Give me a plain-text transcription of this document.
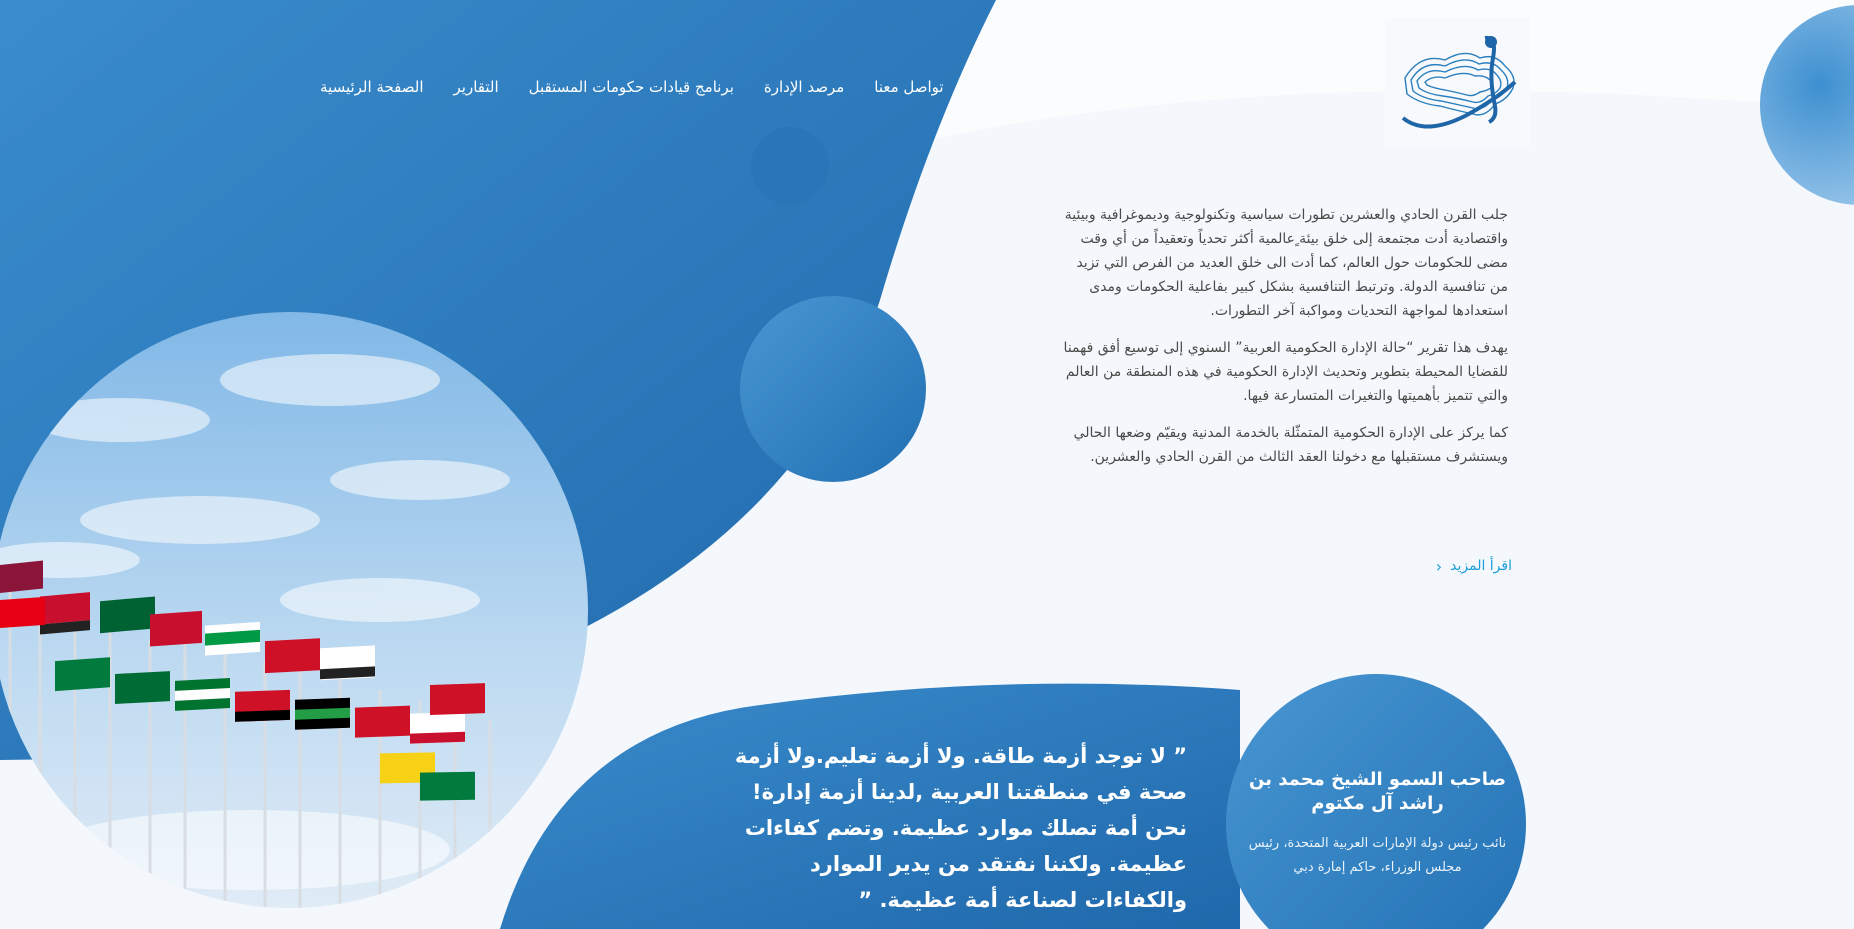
الصفحة الرئيسية التقارير برنامج قيادات حكومات المستقبل مرصد الإدارة تواصل معنا

جلب القرن الحادي والعشرين تطورات سياسية وتكنولوجية وديموغرافية وبيئية واقتصادية أدت مجتمعة إلى خلق بيئة ٍعالمية أكثر تحدياً وتعقيداً من أي وقت مضى للحكومات حول العالم، كما أدت الى خلق العديد من الفرص التي تزيد من تنافسية الدولة. وترتبط التنافسية بشكل كبير بفاعلية الحكومات ومدى استعدادها لمواجهة التحديات ومواكبة آخر التطورات.

يهدف هذا تقرير “حالة الإدارة الحكومية العربية” السنوي إلى توسيع أفق فهمنا للقضايا المحيطة بتطوير وتحديث الإدارة الحكومية في هذه المنطقة من العالم والتي تتميز بأهميتها والتغيرات المتسارعة فيها.

كما يركز على الإدارة الحكومية المتمثّلة بالخدمة المدنية ويقيّم وضعها الحالي ويستشرف مستقبلها مع دخولنا العقد الثالث من القرن الحادي والعشرين.

اقرأ المزيد
‹
” لا توجد أزمة طاقة. ولا أزمة تعليم.ولا أزمة صحة في منطقتنا العربية ,لدينا أزمة إدارة! نحن أمة تصلك موارد عظيمة. وتضم كفاءات عظيمة. ولكننا نفتقد من يدير الموارد والكفاءات لصناعة أمة عظيمة. ”
صاحب السمو الشيخ محمد بن راشد آل مكتوم
نائب رئيس دولة الإمارات العربية المتحدة، رئيس مجلس الوزراء، حاكم إمارة دبي
